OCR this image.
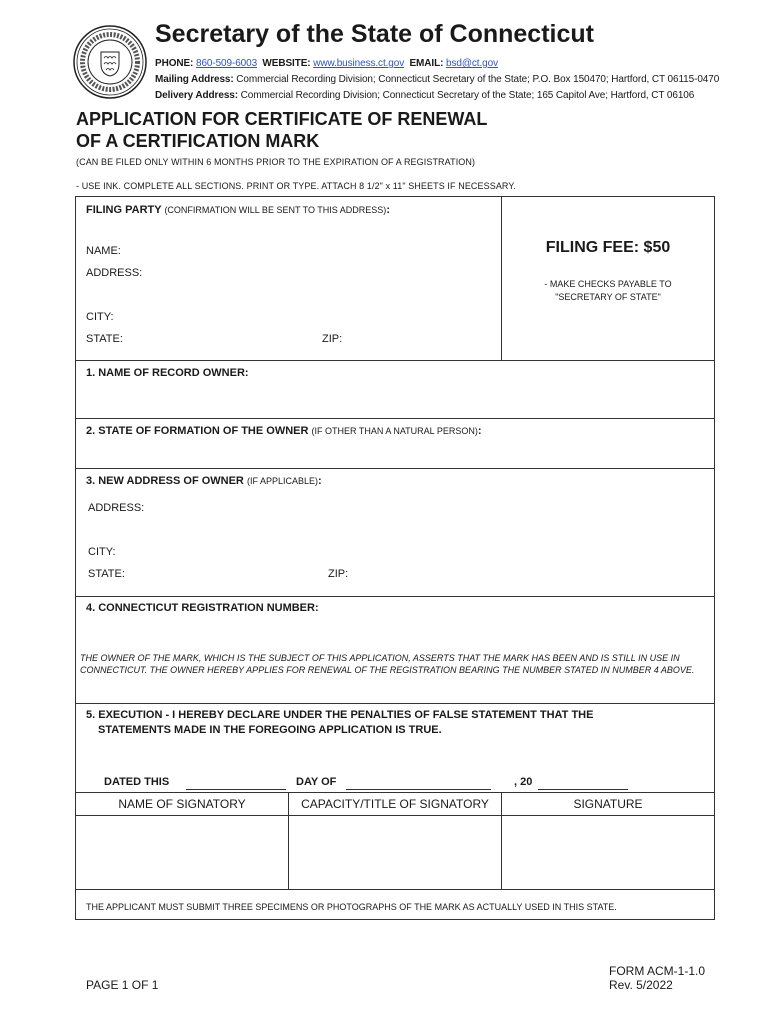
Secretary of the State of Connecticut
PHONE: 860-509-6003 WEBSITE: www.business.ct.gov EMAIL: bsd@ct.gov
Mailing Address: Commercial Recording Division; Connecticut Secretary of the State; P.O. Box 150470; Hartford, CT 06115-0470
Delivery Address: Commercial Recording Division; Connecticut Secretary of the State; 165 Capitol Ave; Hartford, CT 06106
APPLICATION FOR CERTIFICATE OF RENEWAL
OF A CERTIFICATION MARK
(CAN BE FILED ONLY WITHIN 6 MONTHS PRIOR TO THE EXPIRATION OF A REGISTRATION)
- USE INK. COMPLETE ALL SECTIONS. PRINT OR TYPE. ATTACH 8 1/2" x 11" SHEETS IF NECESSARY.
FILING PARTY (CONFIRMATION WILL BE SENT TO THIS ADDRESS):
NAME:
ADDRESS:
CITY:
STATE:	ZIP:
FILING FEE: $50
- MAKE CHECKS PAYABLE TO
"SECRETARY OF STATE"
1. NAME OF RECORD OWNER:
2. STATE OF FORMATION OF THE OWNER (IF OTHER THAN A NATURAL PERSON):
3. NEW ADDRESS OF OWNER (IF APPLICABLE):
ADDRESS:
CITY:
STATE:	ZIP:
4. CONNECTICUT REGISTRATION NUMBER:
THE OWNER OF THE MARK, WHICH IS THE SUBJECT OF THIS APPLICATION, ASSERTS THAT THE MARK HAS BEEN AND IS STILL IN USE IN CONNECTICUT. THE OWNER HEREBY APPLIES FOR RENEWAL OF THE REGISTRATION BEARING THE NUMBER STATED IN NUMBER 4 ABOVE.
5. EXECUTION - I HEREBY DECLARE UNDER THE PENALTIES OF FALSE STATEMENT THAT THE
STATEMENTS MADE IN THE FOREGOING APPLICATION IS TRUE.
DATED THIS	DAY OF	, 20
NAME OF SIGNATORY	CAPACITY/TITLE OF SIGNATORY	SIGNATURE
THE APPLICANT MUST SUBMIT THREE SPECIMENS OR PHOTOGRAPHS OF THE MARK AS ACTUALLY USED IN THIS STATE.
PAGE 1 OF 1
FORM ACM-1-1.0
Rev. 5/2022
